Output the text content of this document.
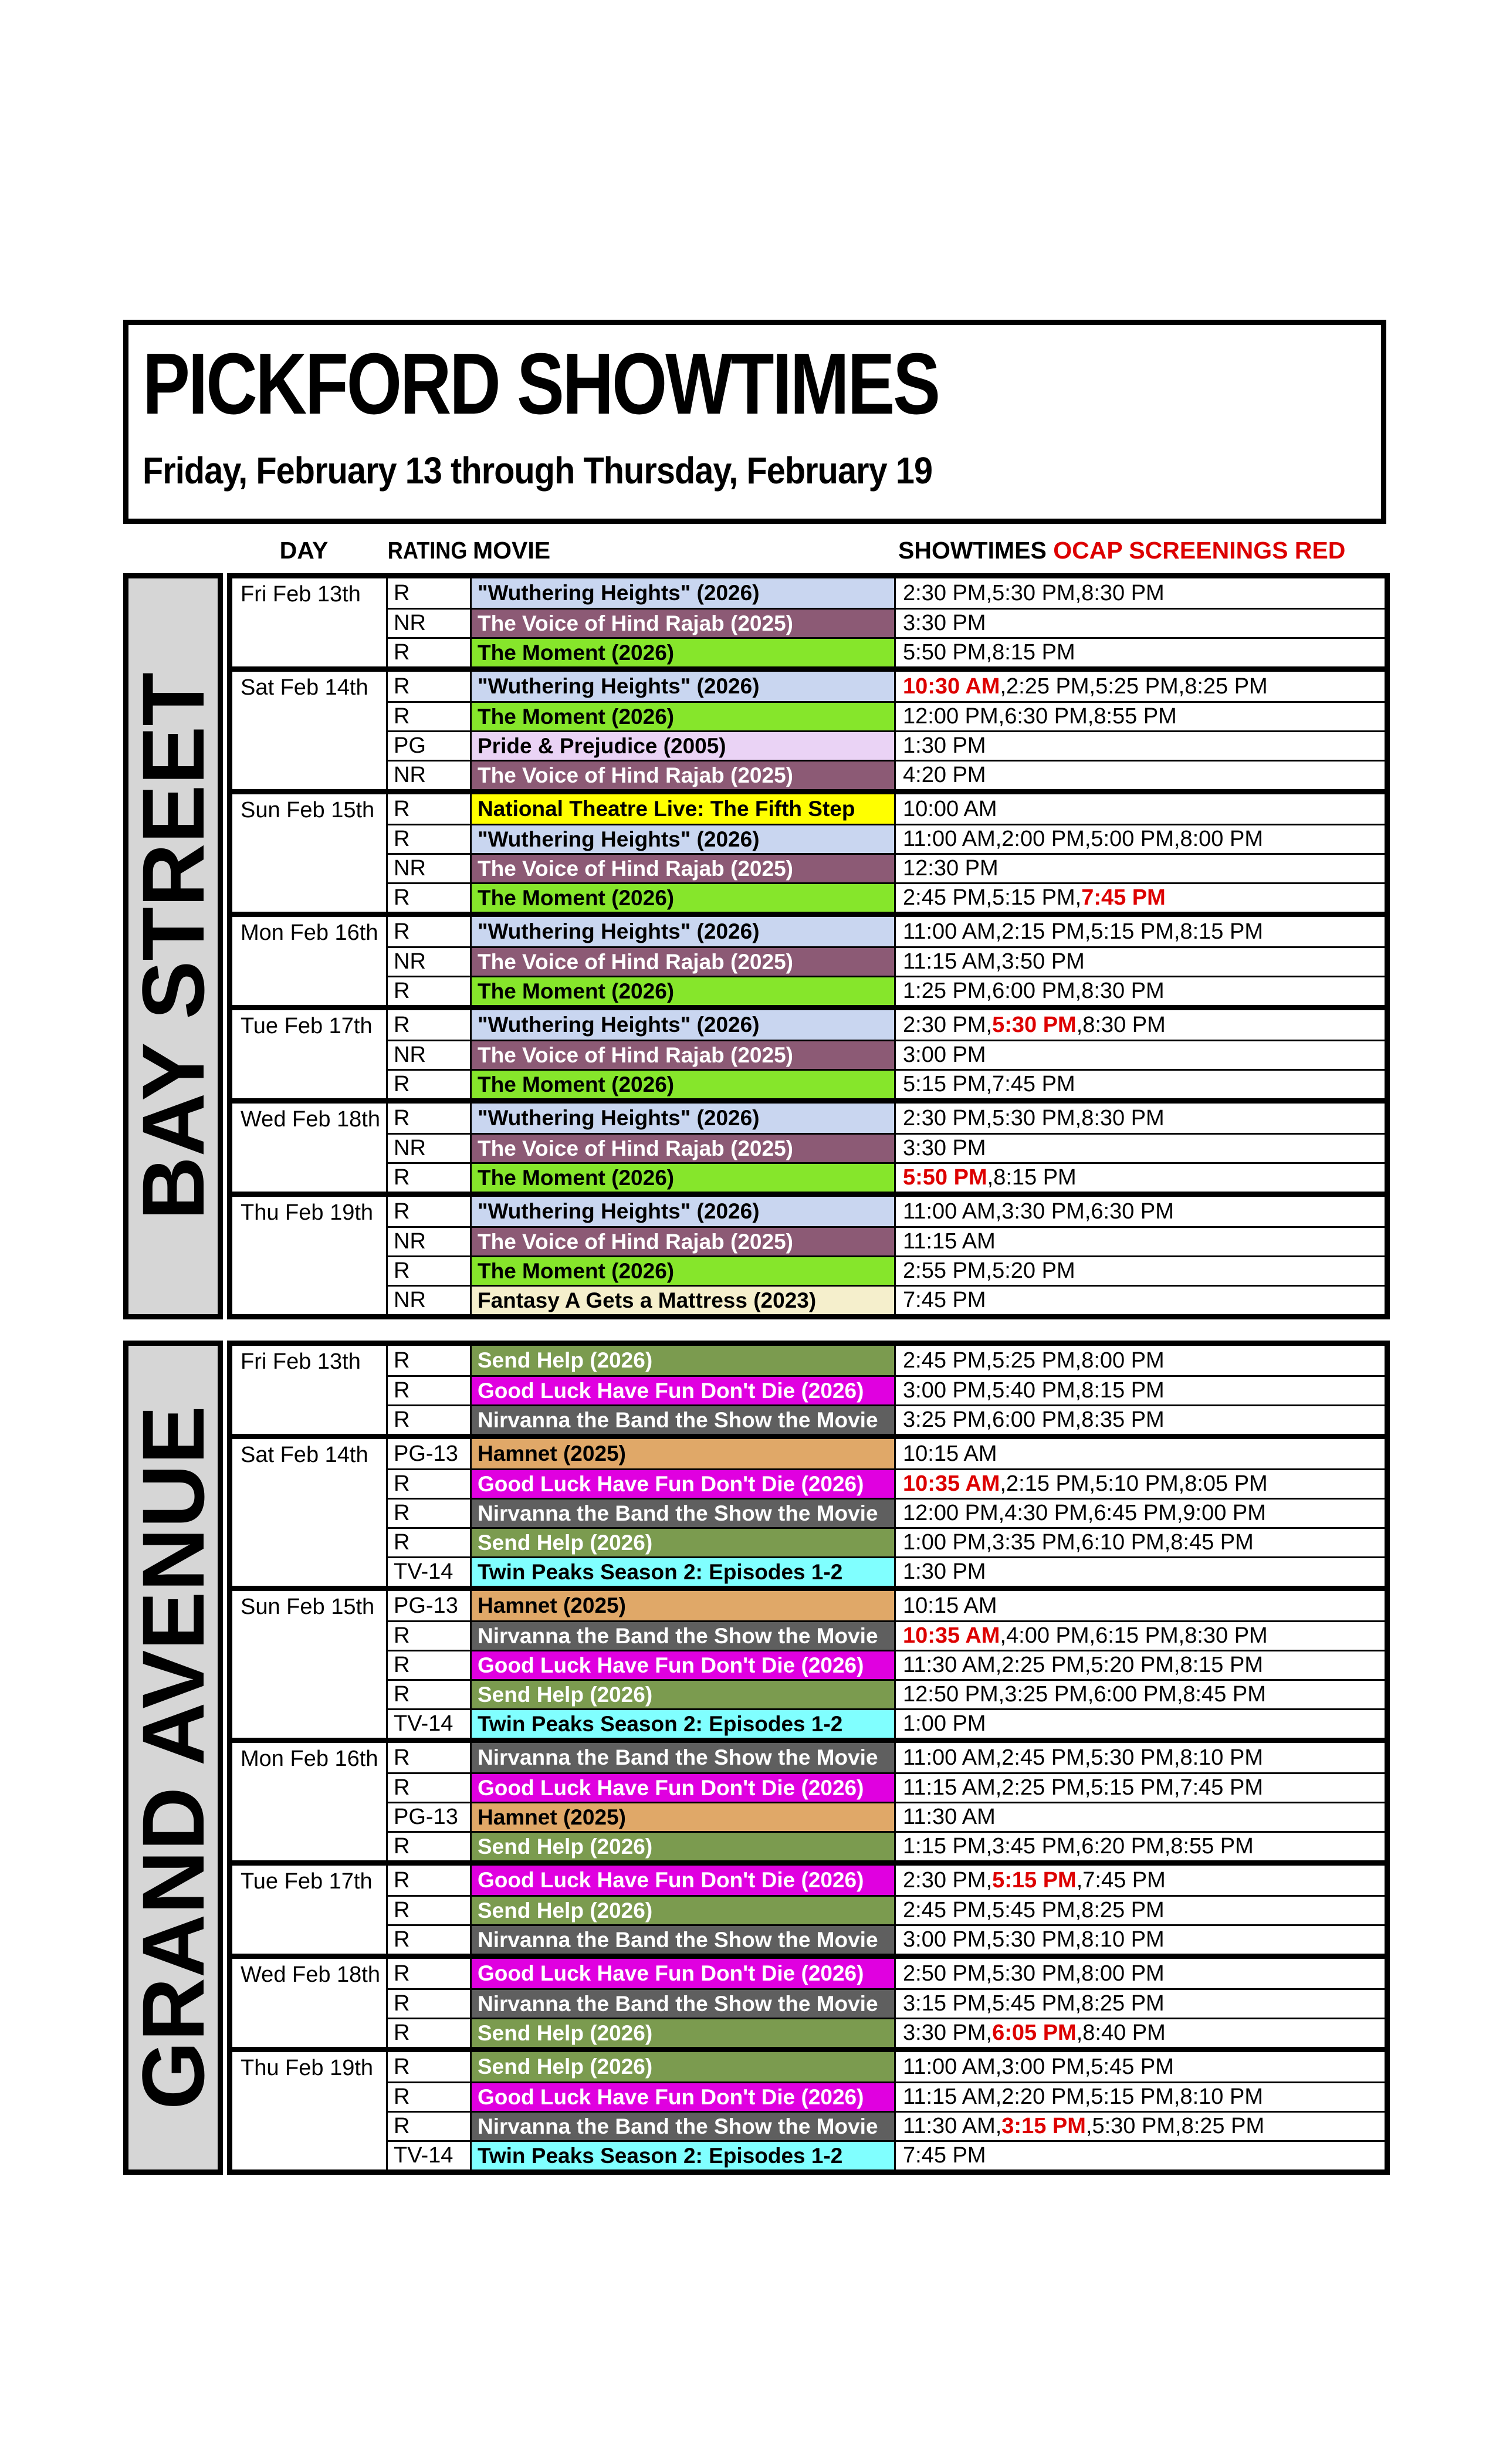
PICKFORD SHOWTIMES
Friday, February 13 through Thursday, February 19
DAY	RATING MOVIE	SHOWTIMES OCAP SCREENINGS RED
BAY STREET
Fri Feb 13th	R	"Wuthering Heights" (2026)	2:30 PM , 5:30 PM , 8:30 PM
NR	The Voice of Hind Rajab (2025)	3:30 PM
R	The Moment (2026)	5:50 PM , 8:15 PM
Sat Feb 14th	R	"Wuthering Heights" (2026)	10:30 AM , 2:25 PM , 5:25 PM , 8:25 PM
R	The Moment (2026)	12:00 PM , 6:30 PM , 8:55 PM
PG	Pride & Prejudice (2005)	1:30 PM
NR	The Voice of Hind Rajab (2025)	4:20 PM
Sun Feb 15th R	National Theatre Live: The Fifth Step	10:00 AM
R	"Wuthering Heights" (2026)	11:00 AM , 2:00 PM , 5:00 PM , 8:00 PM
NR	The Voice of Hind Rajab (2025)	12:30 PM
R	The Moment (2026)	2:45 PM , 5:15 PM , 7:45 PM
Mon Feb 16th R	"Wuthering Heights" (2026)	11:00 AM , 2:15 PM , 5:15 PM , 8:15 PM
NR	The Voice of Hind Rajab (2025)	11:15 AM , 3:50 PM
R	The Moment (2026)	1:25 PM , 6:00 PM , 8:30 PM
Tue Feb 17th R	"Wuthering Heights" (2026)	2:30 PM , 5:30 PM , 8:30 PM
NR	The Voice of Hind Rajab (2025)	3:00 PM
R	The Moment (2026)	5:15 PM , 7:45 PM
Wed Feb 18th R	"Wuthering Heights" (2026)	2:30 PM , 5:30 PM , 8:30 PM
NR	The Voice of Hind Rajab (2025)	3:30 PM
R	The Moment (2026)	5:50 PM , 8:15 PM
Thu Feb 19th R	"Wuthering Heights" (2026)	11:00 AM , 3:30 PM , 6:30 PM
NR	The Voice of Hind Rajab (2025)	11:15 AM
R	The Moment (2026)	2:55 PM , 5:20 PM
NR	Fantasy A Gets a Mattress (2023)	7:45 PM
GRAND AVENUE
Fri Feb 13th	R	Send Help (2026)	2:45 PM , 5:25 PM , 8:00 PM
R	Good Luck Have Fun Don't Die (2026)	3:00 PM , 5:40 PM , 8:15 PM
R	Nirvanna the Band the Show the Movie	3:25 PM , 6:00 PM , 8:35 PM
Sat Feb 14th	PG-13 Hamnet (2025)	10:15 AM
R	Good Luck Have Fun Don't Die (2026)	10:35 AM , 2:15 PM , 5:10 PM , 8:05 PM
R	Nirvanna the Band the Show the Movie	12:00 PM , 4:30 PM , 6:45 PM , 9:00 PM
R	Send Help (2026)	1:00 PM , 3:35 PM , 6:10 PM , 8:45 PM
TV-14	Twin Peaks Season 2: Episodes 1-2	1:30 PM
Sun Feb 15th PG-13 Hamnet (2025)	10:15 AM
R	Nirvanna the Band the Show the Movie	10:35 AM , 4:00 PM , 6:15 PM , 8:30 PM
R	Good Luck Have Fun Don't Die (2026)	11:30 AM , 2:25 PM , 5:20 PM , 8:15 PM
R	Send Help (2026)	12:50 PM , 3:25 PM , 6:00 PM , 8:45 PM
TV-14	Twin Peaks Season 2: Episodes 1-2	1:00 PM
Mon Feb 16th R	Nirvanna the Band the Show the Movie	11:00 AM , 2:45 PM , 5:30 PM , 8:10 PM
R	Good Luck Have Fun Don't Die (2026)	11:15 AM , 2:25 PM , 5:15 PM , 7:45 PM
PG-13 Hamnet (2025)	11:30 AM
R	Send Help (2026)	1:15 PM , 3:45 PM , 6:20 PM , 8:55 PM
Tue Feb 17th R	Good Luck Have Fun Don't Die (2026)	2:30 PM , 5:15 PM , 7:45 PM
R	Send Help (2026)	2:45 PM , 5:45 PM , 8:25 PM
R	Nirvanna the Band the Show the Movie	3:00 PM , 5:30 PM , 8:10 PM
Wed Feb 18th R	Good Luck Have Fun Don't Die (2026)	2:50 PM , 5:30 PM , 8:00 PM
R	Nirvanna the Band the Show the Movie	3:15 PM , 5:45 PM , 8:25 PM
R	Send Help (2026)	3:30 PM , 6:05 PM , 8:40 PM
Thu Feb 19th R	Send Help (2026)	11:00 AM , 3:00 PM , 5:45 PM
R	Good Luck Have Fun Don't Die (2026)	11:15 AM , 2:20 PM , 5:15 PM , 8:10 PM
R	Nirvanna the Band the Show the Movie	11:30 AM , 3:15 PM , 5:30 PM , 8:25 PM
TV-14	Twin Peaks Season 2: Episodes 1-2	7:45 PM
